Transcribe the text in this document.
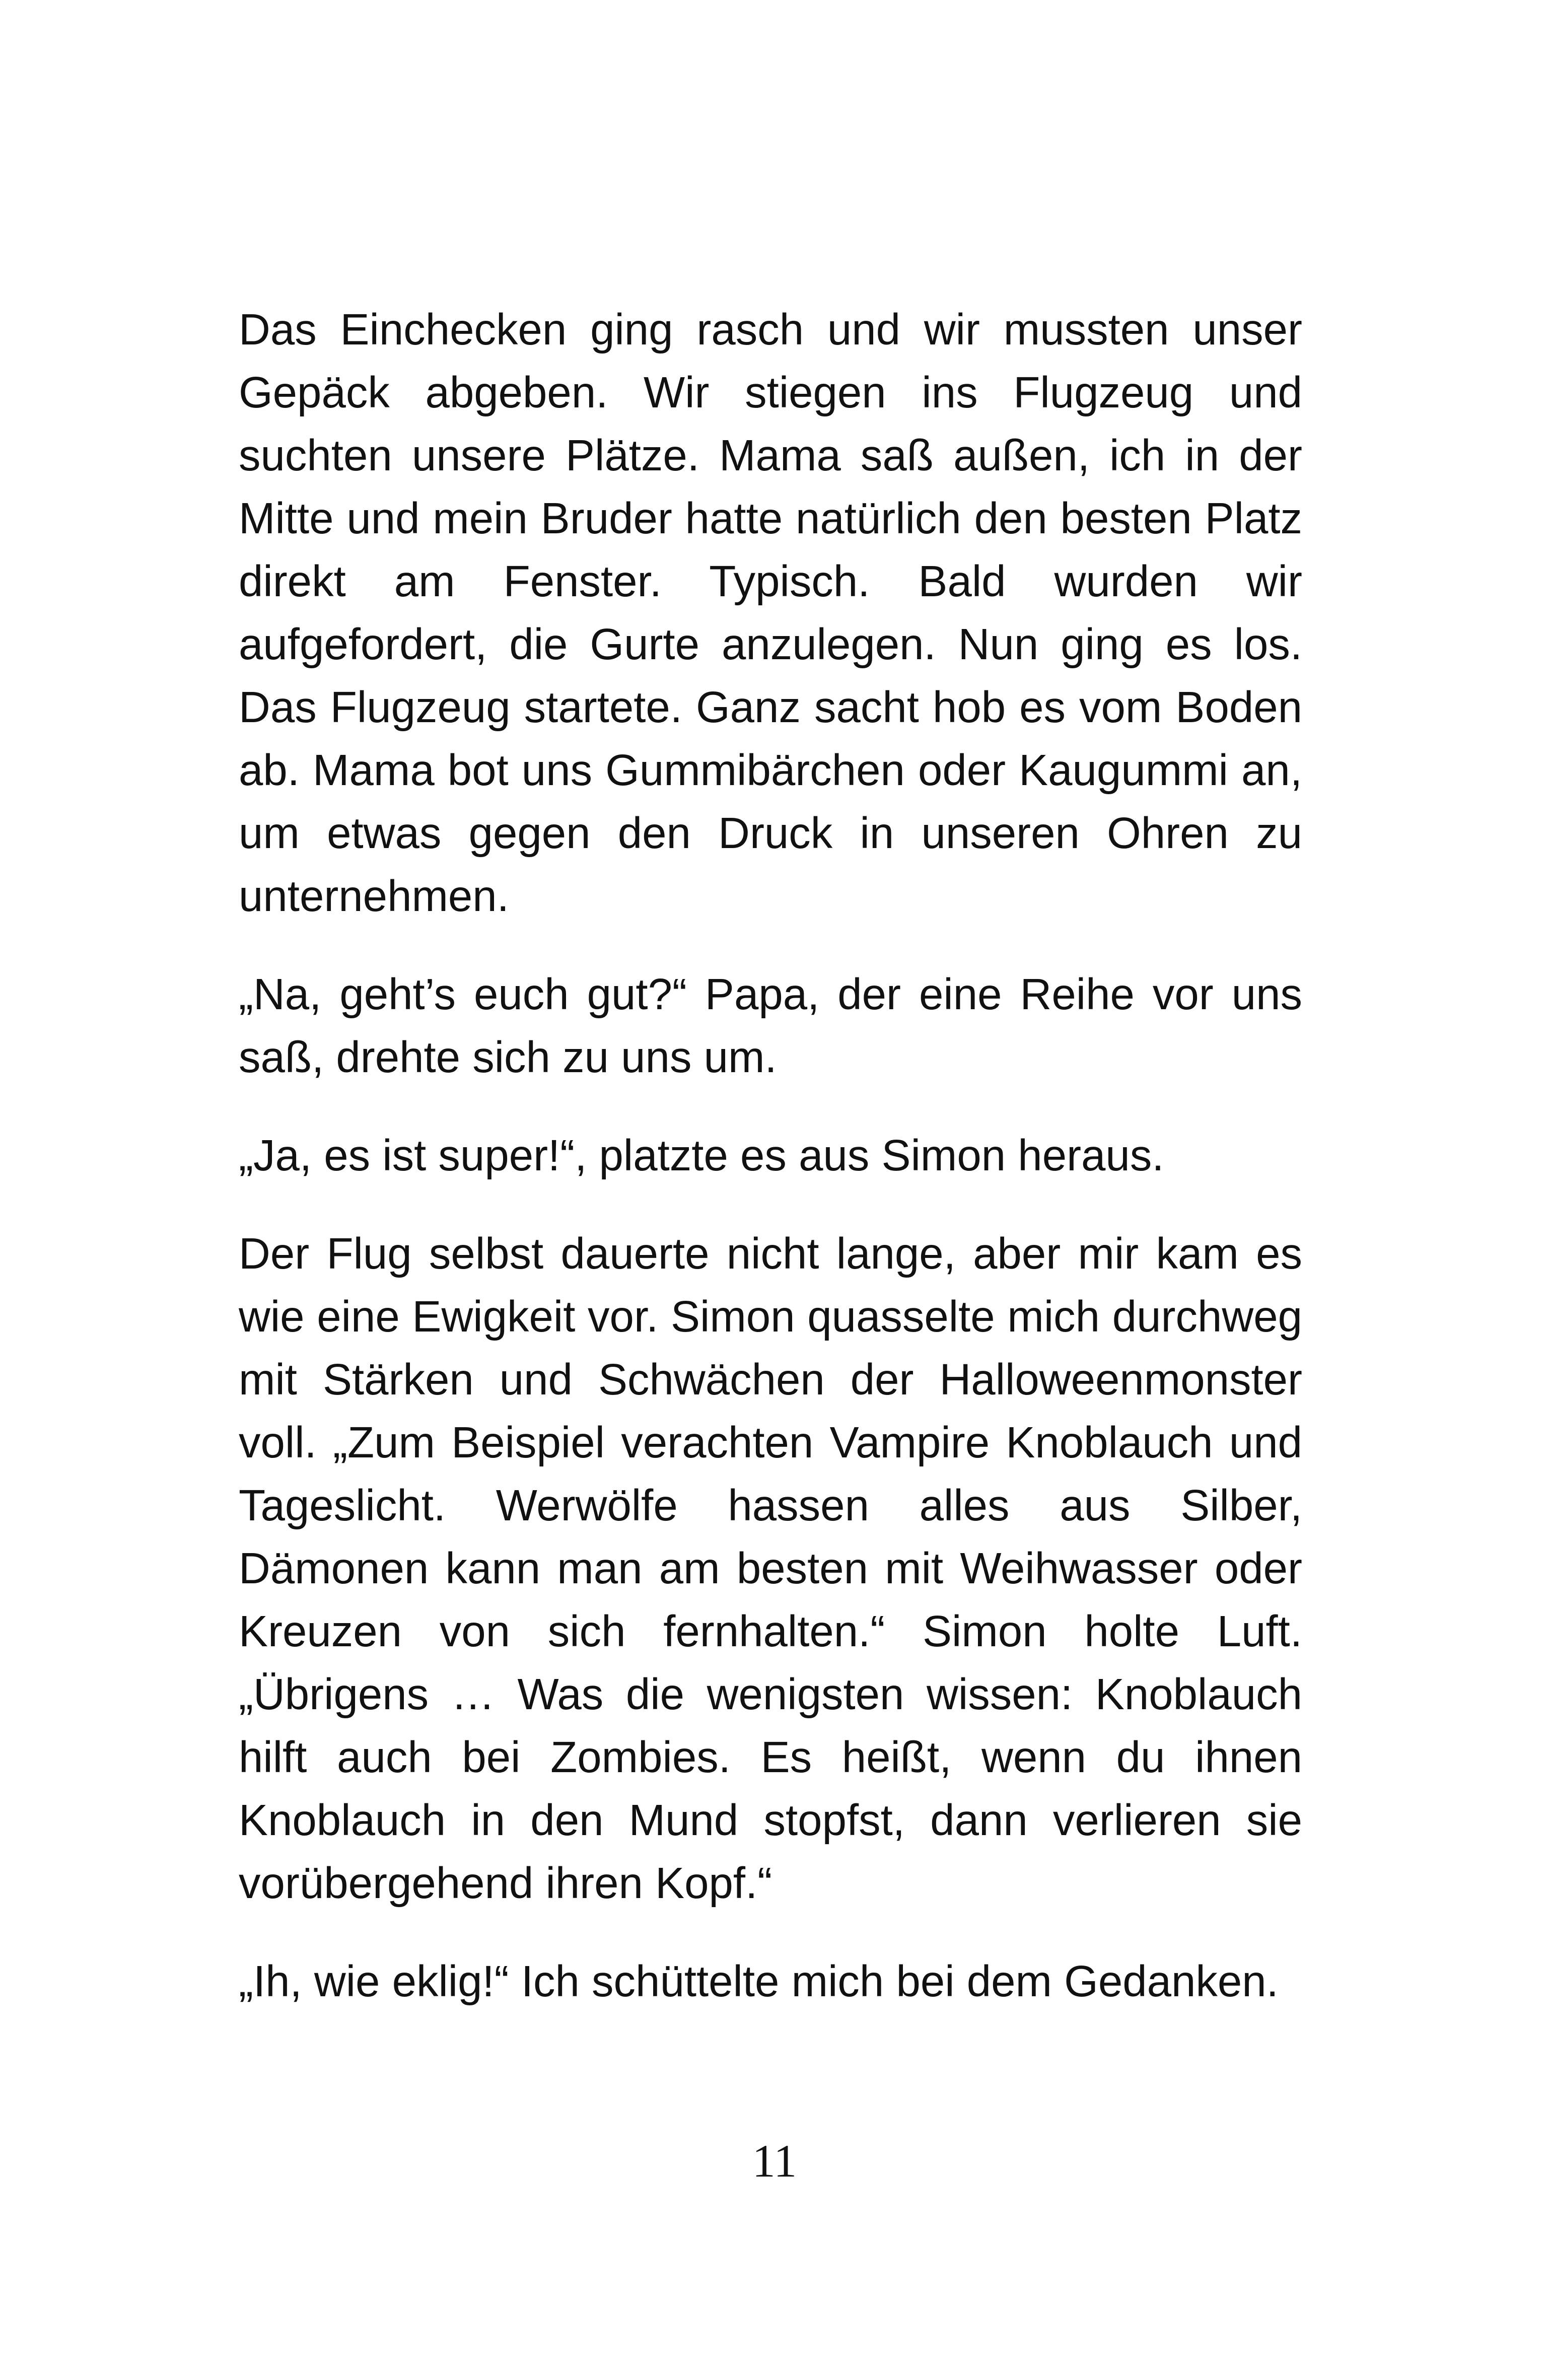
Das Einchecken ging rasch und wir mussten unser Gepäck abgeben. Wir stiegen ins Flugzeug und suchten unsere Plätze. Mama saß außen, ich in der Mitte und mein Bruder hatte natürlich den besten Platz direkt am Fenster. Typisch. Bald wurden wir aufgefordert, die Gurte anzulegen. Nun ging es los. Das Flugzeug startete. Ganz sacht hob es vom Boden ab. Mama bot uns Gummibärchen oder Kaugummi an, um etwas gegen den Druck in unseren Ohren zu unternehmen.

„Na, geht’s euch gut?“ Papa, der eine Reihe vor uns saß, drehte sich zu uns um.

„Ja, es ist super!“, platzte es aus Simon heraus.

Der Flug selbst dauerte nicht lange, aber mir kam es wie eine Ewigkeit vor. Simon quasselte mich durchweg mit Stärken und Schwächen der Halloweenmonster voll. „Zum Beispiel verachten Vampire Knoblauch und Tageslicht. Werwölfe hassen alles aus Silber, Dämonen kann man am besten mit Weihwasser oder Kreuzen von sich fernhalten.“ Simon holte Luft. „Übrigens … Was die wenigsten wissen: Knoblauch hilft auch bei Zombies. Es heißt, wenn du ihnen Knoblauch in den Mund stopfst, dann verlieren sie vorübergehend ihren Kopf.“

„Ih, wie eklig!“ Ich schüttelte mich bei dem Gedanken.

11
